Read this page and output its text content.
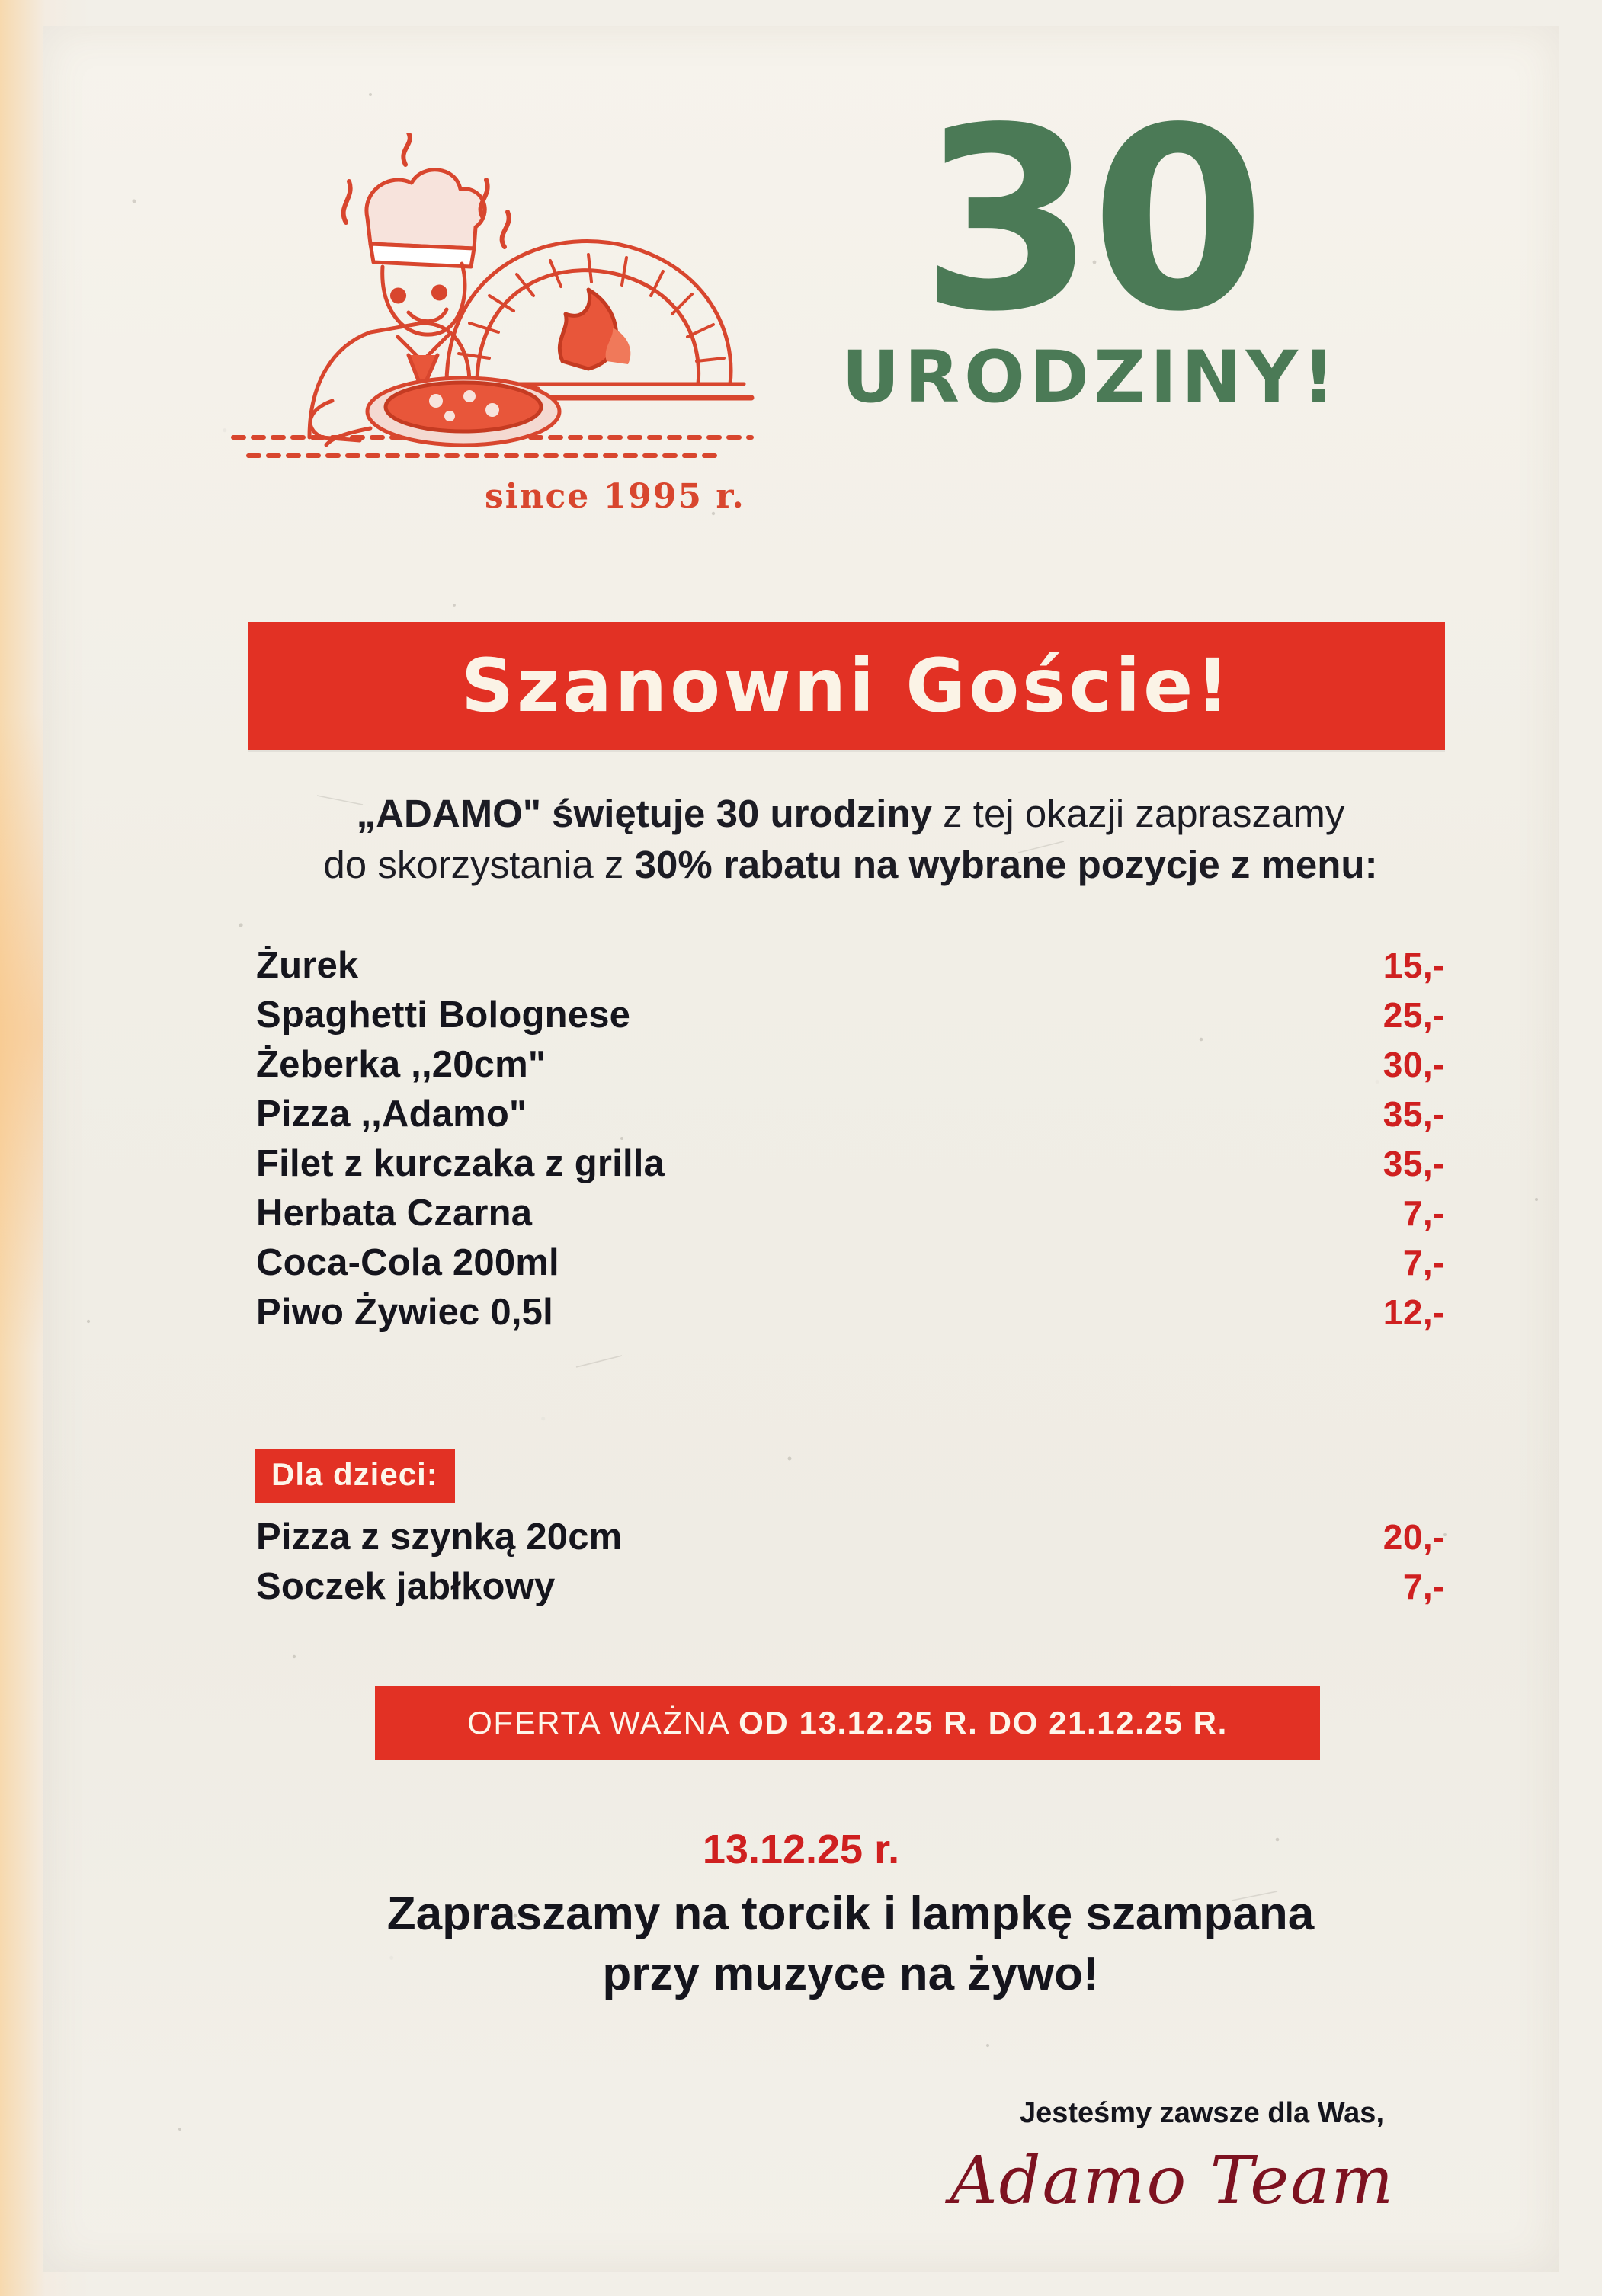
since 1995 r.
30
URODZINY!
Szanowni Goście!
„ADAMO" świętuje 30 urodziny z tej okazji zapraszamy
do skorzystania z 30% rabatu na wybrane pozycje z menu:
Żurek	15,-
Spaghetti Bolognese	25,-
Żeberka ,,20cm"	30,-
Pizza ,,Adamo"	35,-
Filet z kurczaka z grilla	35,-
Herbata Czarna	7,-
Coca-Cola 200ml	7,-
Piwo Żywiec 0,5l	12,-
Dla dzieci:
Pizza z szynką 20cm	20,-
Soczek jabłkowy	7,-
OFERTA WAŻNA OD 13.12.25 R. DO 21.12.25 R.
13.12.25 r.
Zapraszamy na torcik i lampkę szampana
przy muzyce na żywo!
Jesteśmy zawsze dla Was,
Adamo Team
